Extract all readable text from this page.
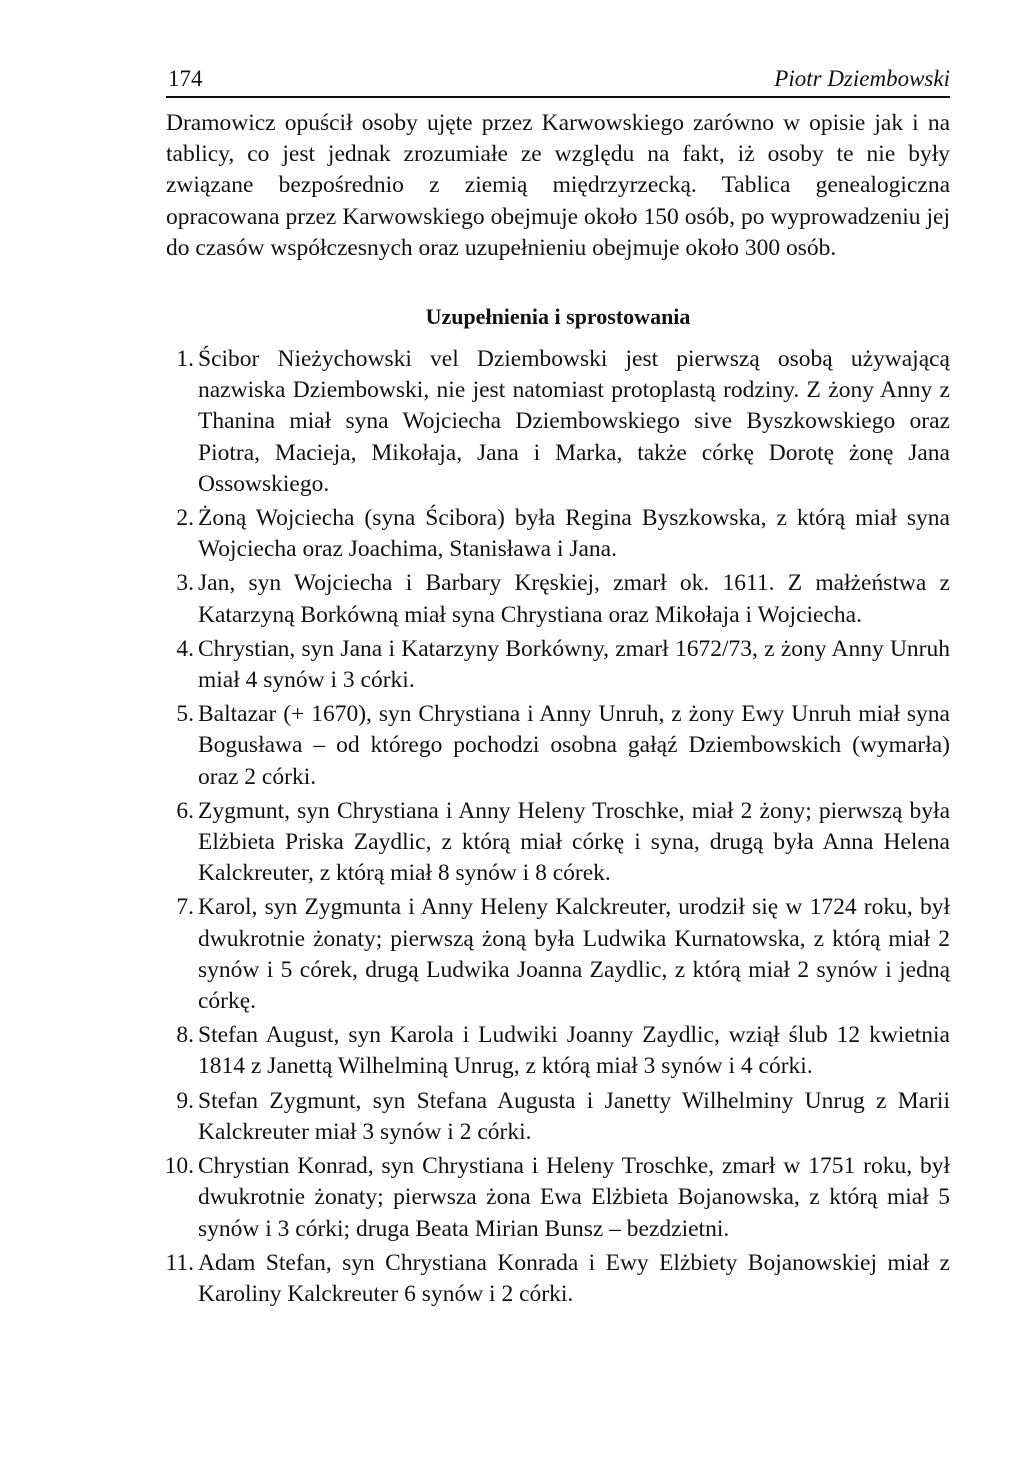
174	Piotr Dziembowski

Dramowicz opuścił osoby ujęte przez Karwowskiego zarówno w opisie jak i na tablicy, co jest jednak zrozumiałe ze względu na fakt, iż osoby te nie były związane bezpośrednio z ziemią międrzyrzecką. Tablica genealogiczna opracowana przez Karwowskiego obejmuje około 150 osób, po wyprowadzeniu jej do czasów współczesnych oraz uzupełnieniu obejmuje około 300 osób.

Uzupełnienia i sprostowania
1. Ścibor Nieżychowski vel Dziembowski jest pierwszą osobą używającą nazwiska Dziembowski, nie jest natomiast protoplastą rodziny. Z żony Anny z Thanina miał syna Wojciecha Dziembowskiego sive Byszkowskiego oraz Piotra, Macieja, Mikołaja, Jana i Marka, także córkę Dorotę żonę Jana Ossowskiego.
2. Żoną Wojciecha (syna Ścibora) była Regina Byszkowska, z którą miał syna Wojciecha oraz Joachima, Stanisława i Jana.
3. Jan, syn Wojciecha i Barbary Kręskiej, zmarł ok. 1611. Z małżeństwa z Katarzyną Borkówną miał syna Chrystiana oraz Mikołaja i Wojciecha.
4. Chrystian, syn Jana i Katarzyny Borkówny, zmarł 1672/73, z żony Anny Unruh miał 4 synów i 3 córki.
5. Baltazar (+ 1670), syn Chrystiana i Anny Unruh, z żony Ewy Unruh miał syna Bogusława – od którego pochodzi osobna gałąź Dziembowskich (wymarła) oraz 2 córki.
6. Zygmunt, syn Chrystiana i Anny Heleny Troschke, miał 2 żony; pierwszą była Elżbieta Priska Zaydlic, z którą miał córkę i syna, drugą była Anna Helena Kalckreuter, z którą miał 8 synów i 8 córek.
7. Karol, syn Zygmunta i Anny Heleny Kalckreuter, urodził się w 1724 roku, był dwukrotnie żonaty; pierwszą żoną była Ludwika Kurnatowska, z którą miał 2 synów i 5 córek, drugą Ludwika Joanna Zaydlic, z którą miał 2 synów i jedną córkę.
8. Stefan August, syn Karola i Ludwiki Joanny Zaydlic, wziął ślub 12 kwietnia 1814 z Janettą Wilhelminą Unrug, z którą miał 3 synów i 4 córki.
9. Stefan Zygmunt, syn Stefana Augusta i Janetty Wilhelminy Unrug z Marii Kalckreuter miał 3 synów i 2 córki.
10. Chrystian Konrad, syn Chrystiana i Heleny Troschke, zmarł w 1751 roku, był dwukrotnie żonaty; pierwsza żona Ewa Elżbieta Bojanowska, z którą miał 5 synów i 3 córki; druga Beata Mirian Bunsz – bezdzietni.
11. Adam Stefan, syn Chrystiana Konrada i Ewy Elżbiety Bojanowskiej miał z Karoliny Kalckreuter 6 synów i 2 córki.
